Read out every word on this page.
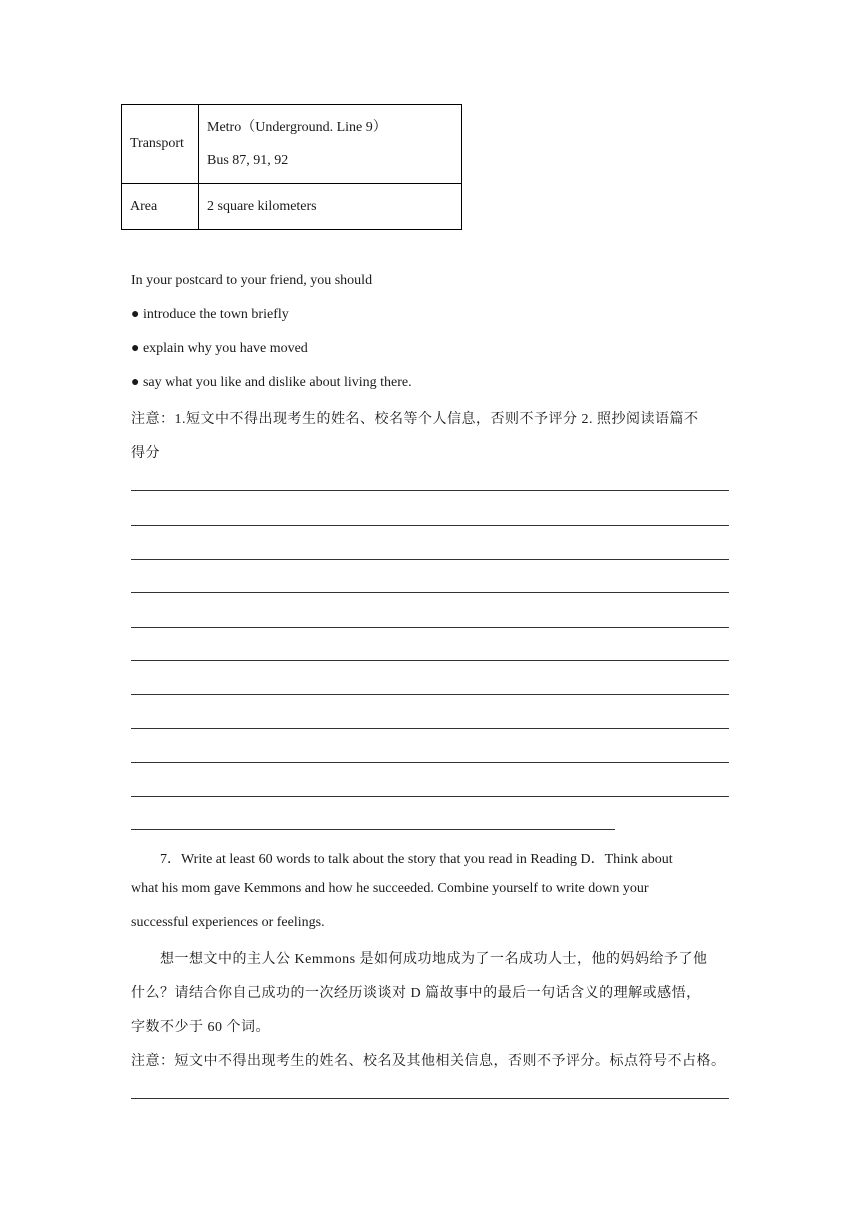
Transport	Metro（Underground. Line 9）
Bus 87, 91, 92

Area	2 square kilometers
In your postcard to your friend, you should
● introduce the town briefly
● explain why you have moved
● say what you like and dislike about living there.
注意：1.短文中不得出现考生的姓名、校名等个人信息，否则不予评分 2. 照抄阅读语篇不
得分
7．Write at least 60 words to talk about the story that you read in Reading D．Think about
what his mom gave Kemmons and how he succeeded. Combine yourself to write down your
successful experiences or feelings.
想一想文中的主人公 Kemmons 是如何成功地成为了一名成功人士，他的妈妈给予了他
什么？请结合你自己成功的一次经历谈谈对 D 篇故事中的最后一句话含义的理解或感悟，
字数不少于 60 个词。
注意：短文中不得出现考生的姓名、校名及其他相关信息，否则不予评分。标点符号不占格。
